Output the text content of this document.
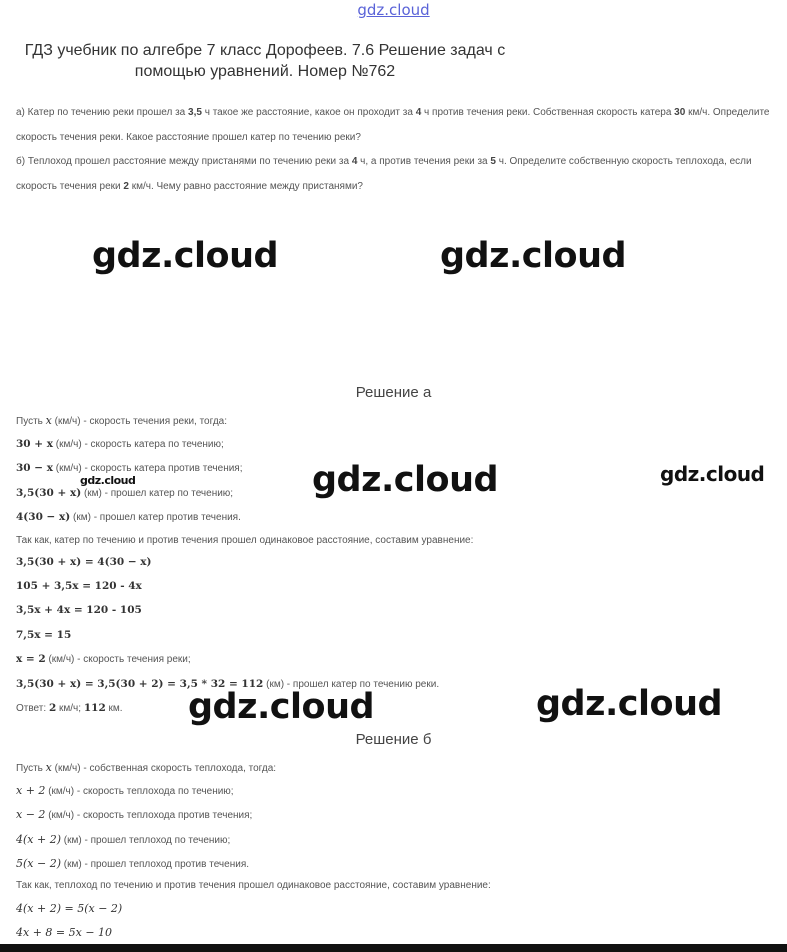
gdz.cloud
ГДЗ учебник по алгебре 7 класс Дорофеев. 7.6 Решение задач с помощью уравнений. Номер №762
а) Катер по течению реки прошел за 3,5 ч такое же расстояние, какое он проходит за 4 ч против течения реки. Собственная скорость катера 30 км/ч. Определите скорость течения реки. Какое расстояние прошел катер по течению реки?
б) Теплоход прошел расстояние между пристанями по течению реки за 4 ч, а против течения реки за 5 ч. Определите собственную скорость теплохода, если скорость течения реки 2 км/ч. Чему равно расстояние между пристанями?
gdz.cloud	gdz.cloud
Решение а
Пусть x (км/ч) - скорость течения реки, тогда:
30 + x (км/ч) - скорость катера по течению;
30 − x (км/ч) - скорость катера против течения;
3,5(30 + x) (км) - прошел катер по течению;
4(30 − x) (км) - прошел катер против течения.
Так как, катер по течению и против течения прошел одинаковое расстояние, составим уравнение:
3,5(30 + x) = 4(30 − x)
105 + 3,5x = 120 - 4x
3,5x + 4x = 120 - 105
7,5x = 15
x = 2 (км/ч) - скорость течения реки;
3,5(30 + x) = 3,5(30 + 2) = 3,5 * 32 = 112 (км) - прошел катер по течению реки.
Ответ: 2 км/ч; 112 км.
gdz.cloud	gdz.cloud	gdz.cloud
gdz.cloud	gdz.cloud
Решение б
Пусть x (км/ч) - собственная скорость теплохода, тогда:
x + 2 (км/ч) - скорость теплохода по течению;
x − 2 (км/ч) - скорость теплохода против течения;
4(x + 2) (км) - прошел теплоход по течению;
5(x − 2) (км) - прошел теплоход против течения.
Так как, теплоход по течению и против течения прошел одинаковое расстояние, составим уравнение:
4(x + 2) = 5(x − 2)
4x + 8 = 5x − 10
